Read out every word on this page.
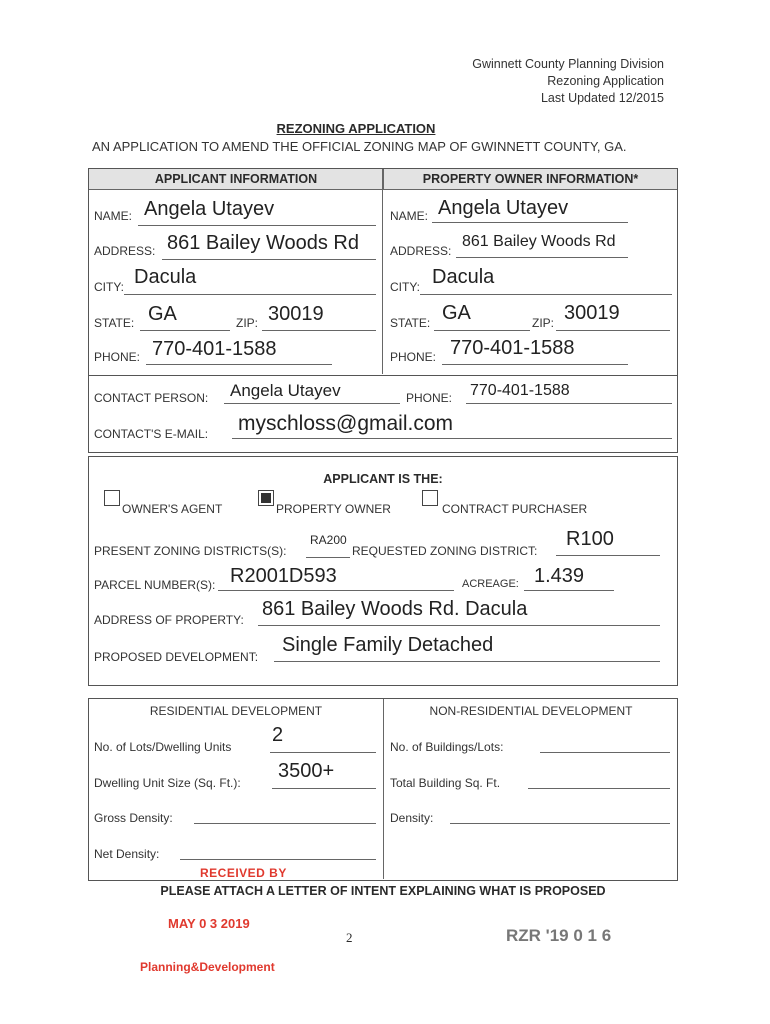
Gwinnett County Planning Division
Rezoning Application
Last Updated 12/2015
REZONING APPLICATION
AN APPLICATION TO AMEND THE OFFICIAL ZONING MAP OF GWINNETT COUNTY, GA.
APPLICANT INFORMATION	PROPERTY OWNER INFORMATION*
NAME: Angela Utayev
ADDRESS: 861 Bailey Woods Rd
CITY: Dacula
STATE: GA	ZIP: 30019
PHONE: 770-401-1588
NAME: Angela Utayev
ADDRESS:
861 Bailey Woods Rd
CITY: Dacula
STATE: GA	ZIP: 30019
PHONE: 770-401-1588
CONTACT PERSON: Angela Utayev	PHONE: 770-401-1588
CONTACT'S E-MAIL: myschloss@gmail.com
APPLICANT IS THE:
OWNER'S AGENT	PROPERTY OWNER	CONTRACT PURCHASER
PRESENT ZONING DISTRICTS(S):
RA200
REQUESTED ZONING DISTRICT:
R100
PARCEL NUMBER(S): R2001D593	ACREAGE: 1.439
ADDRESS OF PROPERTY: 861 Bailey Woods Rd. Dacula
PROPOSED DEVELOPMENT:
Single Family Detached
RESIDENTIAL DEVELOPMENT	NON-RESIDENTIAL DEVELOPMENT
No. of Lots/Dwelling Units
2
Dwelling Unit Size (Sq. Ft.):
3500+
Gross Density:
Net Density:
No. of Buildings/Lots:
Total Building Sq. Ft.
Density:
RECEIVED BY
PLEASE ATTACH A LETTER OF INTENT EXPLAINING WHAT IS PROPOSED
MAY 0 3 2019
2	RZR '19 0 1 6
Planning&Development
